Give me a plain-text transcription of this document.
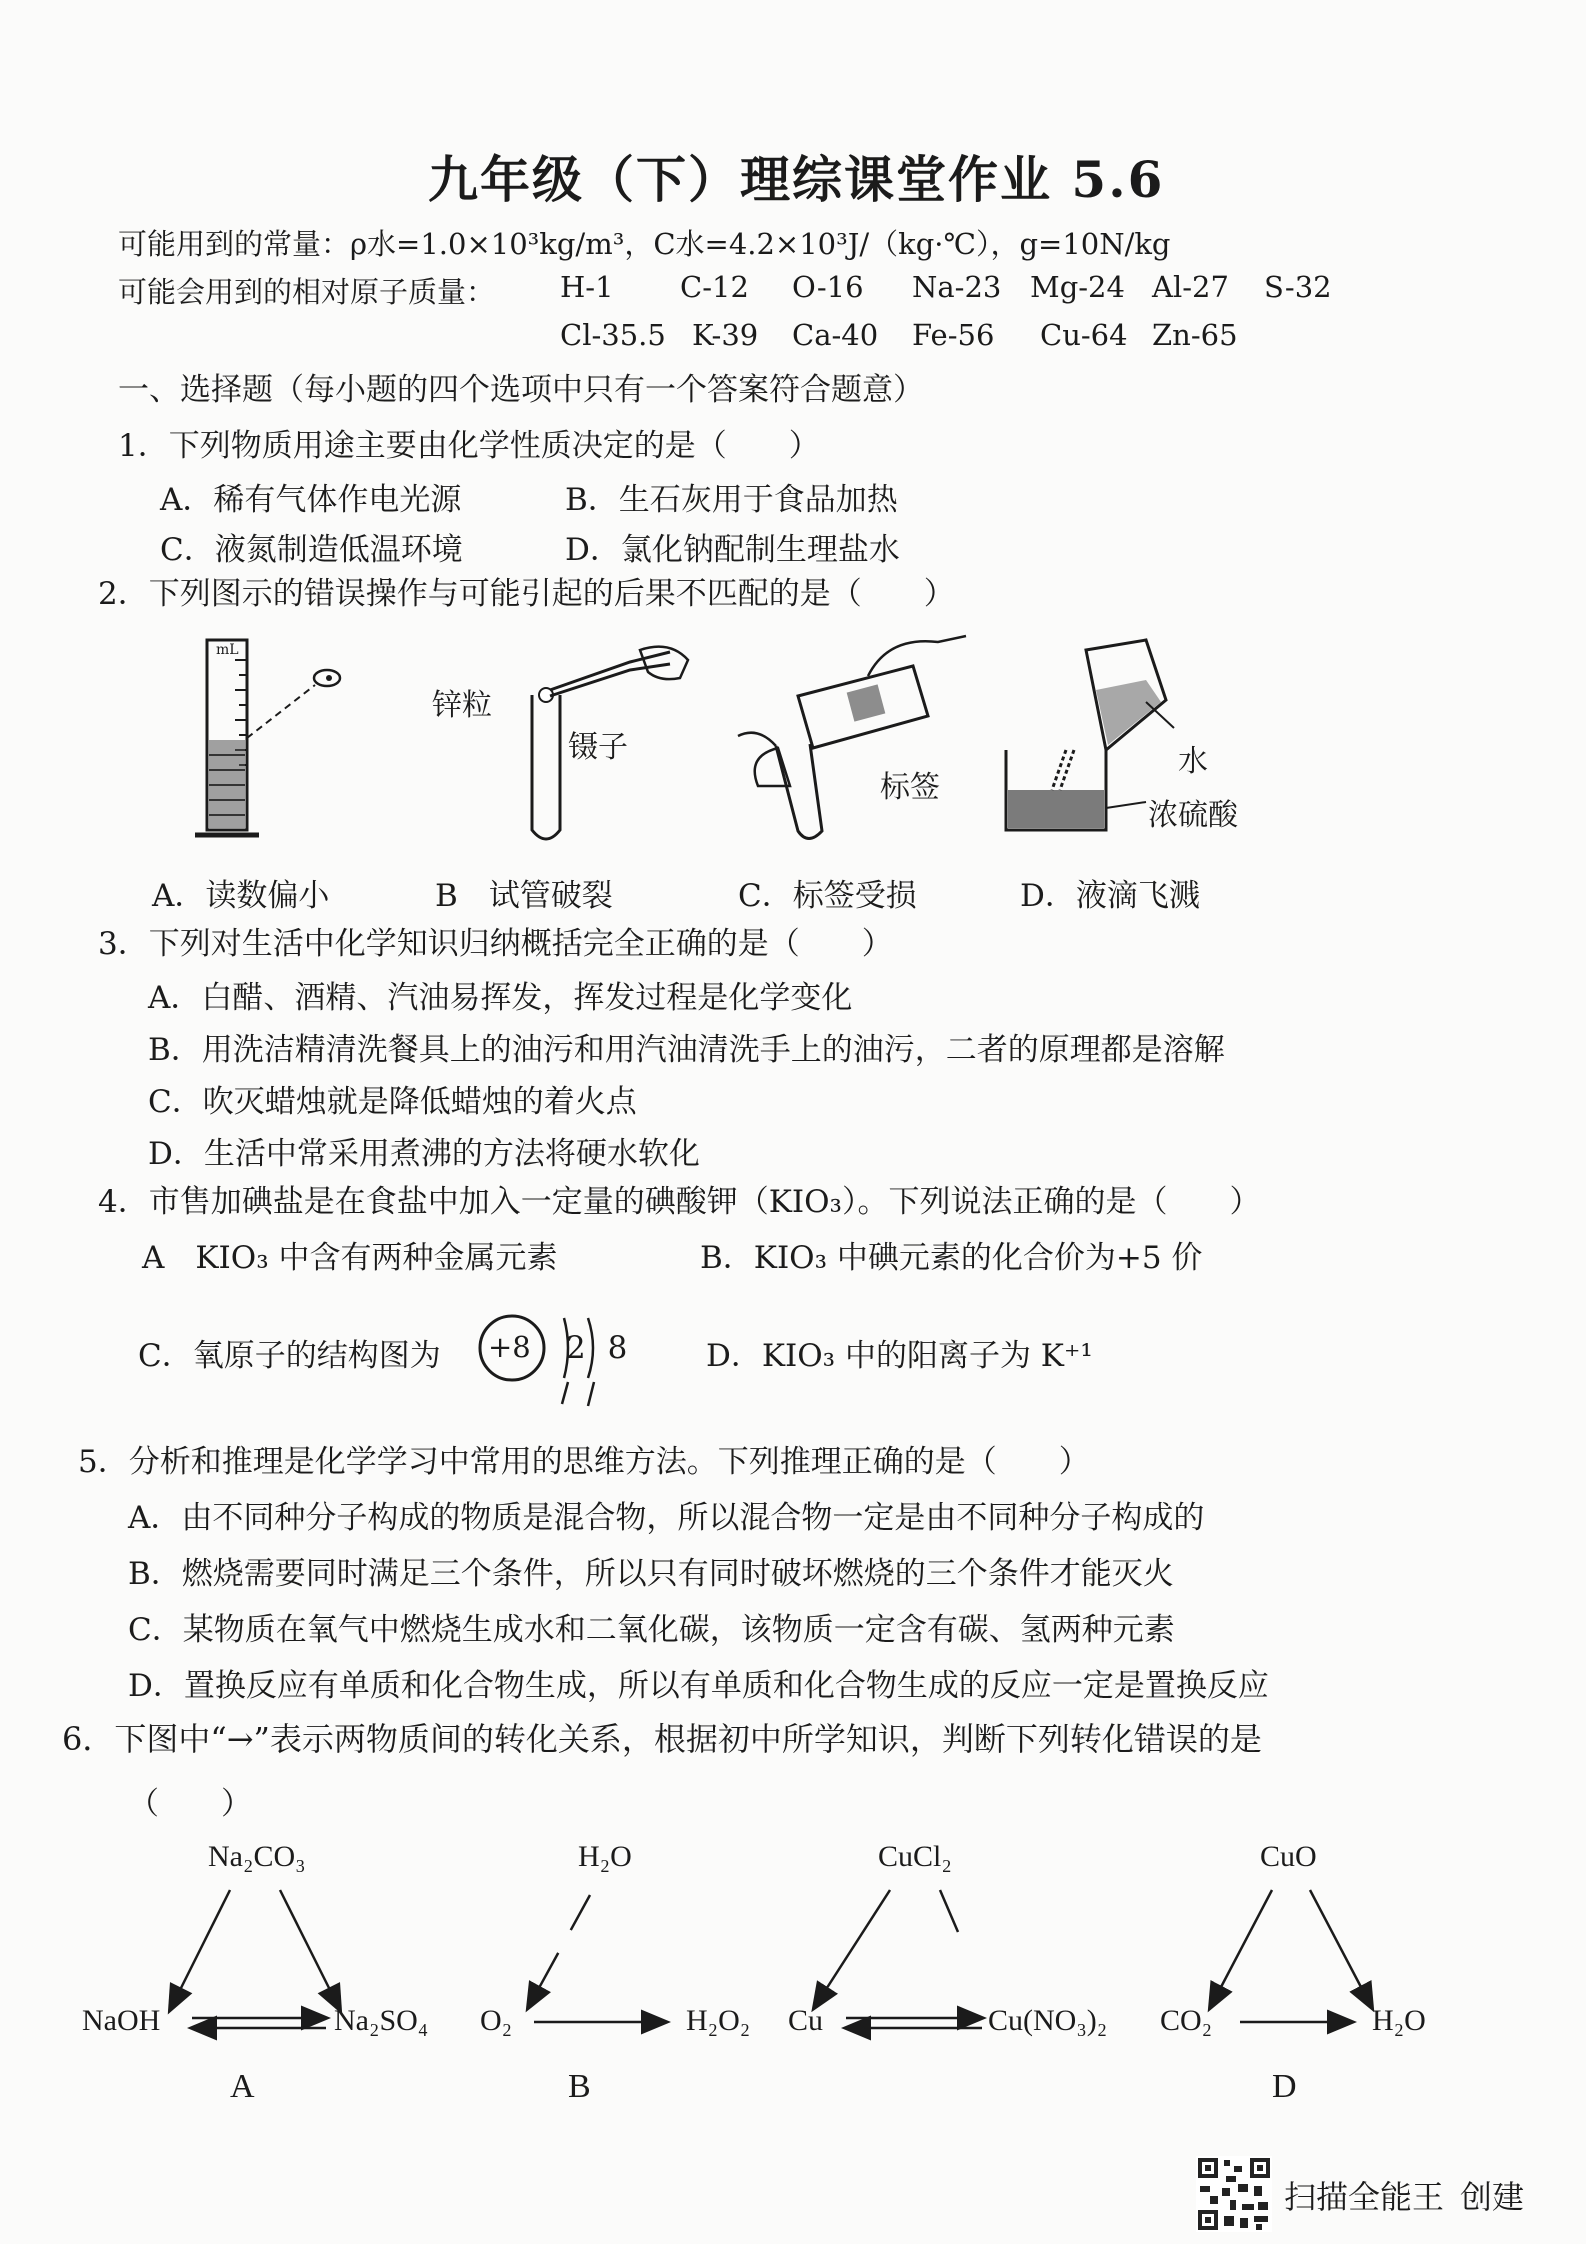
九年级（下）理综课堂作业 5.6
可能用到的常量：ρ水=1.0×10³kg/m³，C水=4.2×10³J/（kg·℃），g=10N/kg
可能会用到的相对原子质量： H-1 C-12 O-16 Na-23 Mg-24 Al-27 S-32
Cl-35.5 K-39 Ca-40 Fe-56 Cu-64 Zn-65
一、选择题（每小题的四个选项中只有一个答案符合题意）
1．下列物质用途主要由化学性质决定的是（　　）
A．稀有气体作电光源	B．生石灰用于食品加热
C．液氮制造低温环境	D．氯化钠配制生理盐水
2．下列图示的错误操作与可能引起的后果不匹配的是（　　）
mL
锌粒
镊子
标签
水
浓硫酸
A．读数偏小	B　试管破裂	C．标签受损	D．液滴飞溅
3．下列对生活中化学知识归纳概括完全正确的是（　　）
A．白醋、酒精、汽油易挥发，挥发过程是化学变化
B．用洗洁精清洗餐具上的油污和用汽油清洗手上的油污，二者的原理都是溶解
C．吹灭蜡烛就是降低蜡烛的着火点
D．生活中常采用煮沸的方法将硬水软化
4．市售加碘盐是在食盐中加入一定量的碘酸钾（KIO₃）。下列说法正确的是（　　）
A　KIO₃ 中含有两种金属元素	B．KIO₃ 中碘元素的化合价为+5 价
C．氧原子的结构图为 +8 2 8 D．KIO₃ 中的阳离子为 K⁺¹
5．分析和推理是化学学习中常用的思维方法。下列推理正确的是（　　）
A．由不同种分子构成的物质是混合物，所以混合物一定是由不同种分子构成的
B．燃烧需要同时满足三个条件，所以只有同时破坏燃烧的三个条件才能灭火
C．某物质在氧气中燃烧生成水和二氧化碳，该物质一定含有碳、氢两种元素
D．置换反应有单质和化合物生成，所以有单质和化合物生成的反应一定是置换反应
6．下图中“→”表示两物质间的转化关系，根据初中所学知识，判断下列转化错误的是
（　　）
Na₂CO₃
NaOH	Na₂SO₄
A
H₂O
O₂	H₂O₂
B
CuCl₂
Cu	Cu(NO₃)₂
CuO
CO₂	H₂O
D
扫描全能王 创建
